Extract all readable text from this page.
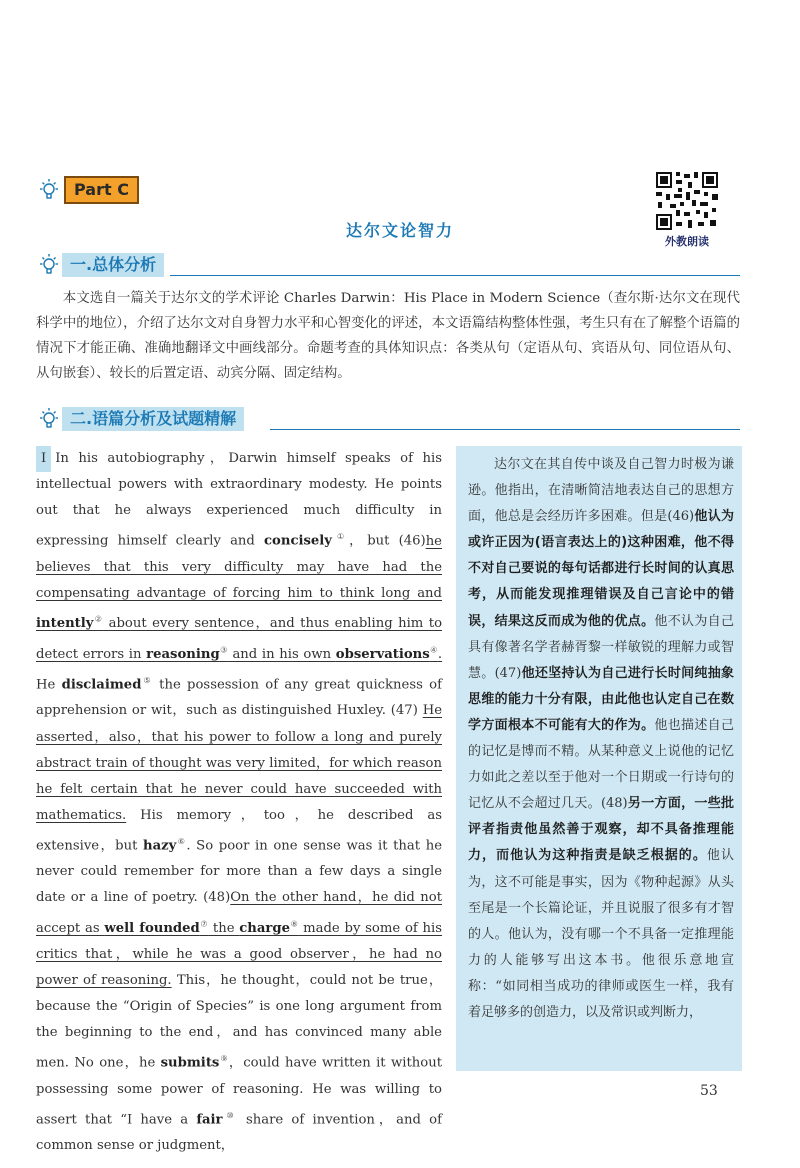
Part C
外教朗读
达尔文论智力
一.总体分析
本文选自一篇关于达尔文的学术评论 Charles Darwin：His Place in Modern Science（查尔斯·达尔文在现代科学中的地位），介绍了达尔文对自身智力水平和心智变化的评述，本文语篇结构整体性强，考生只有在了解整个语篇的情况下才能正确、准确地翻译文中画线部分。命题考查的具体知识点：各类从句（定语从句、宾语从句、同位语从句、从句嵌套）、较长的后置定语、动宾分隔、固定结构。
二.语篇分析及试题精解
Ⅰ In his autobiography，Darwin himself speaks of his intellectual powers with extraordinary modesty. He points out that he always experienced much difficulty in expressing himself clearly and concisely①，but (46)he believes that this very difficulty may have had the compensating advantage of forcing him to think long and intently② about every sentence，and thus enabling him to detect errors in reasoning③ and in his own observations④. He disclaimed⑤ the possession of any great quickness of apprehension or wit，such as distinguished Huxley. (47) He asserted，also，that his power to follow a long and purely abstract train of thought was very limited，for which reason he felt certain that he never could have succeeded with mathematics. His memory，too，he described as extensive，but hazy⑥. So poor in one sense was it that he never could remember for more than a few days a single date or a line of poetry. (48)On the other hand，he did not accept as well founded⑦ the charge⑧ made by some of his critics that，while he was a good observer，he had no power of reasoning. This，he thought，could not be true，because the “Origin of Species” is one long argument from the beginning to the end，and has convinced many able men. No one，he submits⑨，could have written it without possessing some power of reasoning. He was willing to assert that “I have a fair⑩ share of invention，and of common sense or judgment，
达尔文在其自传中谈及自己智力时极为谦逊。他指出，在清晰简洁地表达自己的思想方面，他总是会经历许多困难。但是(46)他认为或许正因为(语言表达上的)这种困难，他不得不对自己要说的每句话都进行长时间的认真思考，从而能发现推理错误及自己言论中的错误，结果这反而成为他的优点。他不认为自己具有像著名学者赫胥黎一样敏锐的理解力或智慧。(47)他还坚持认为自己进行长时间纯抽象思维的能力十分有限，由此他也认定自己在数学方面根本不可能有大的作为。他也描述自己的记忆是博而不精。从某种意义上说他的记忆力如此之差以至于他对一个日期或一行诗句的记忆从不会超过几天。(48)另一方面，一些批评者指责他虽然善于观察，却不具备推理能力，而他认为这种指责是缺乏根据的。他认为，这不可能是事实，因为《物种起源》从头至尾是一个长篇论证，并且说服了很多有才智的人。他认为，没有哪一个不具备一定推理能力的人能够写出这本书。他很乐意地宣称：“如同相当成功的律师或医生一样，我有着足够多的创造力，以及常识或判断力，
53
